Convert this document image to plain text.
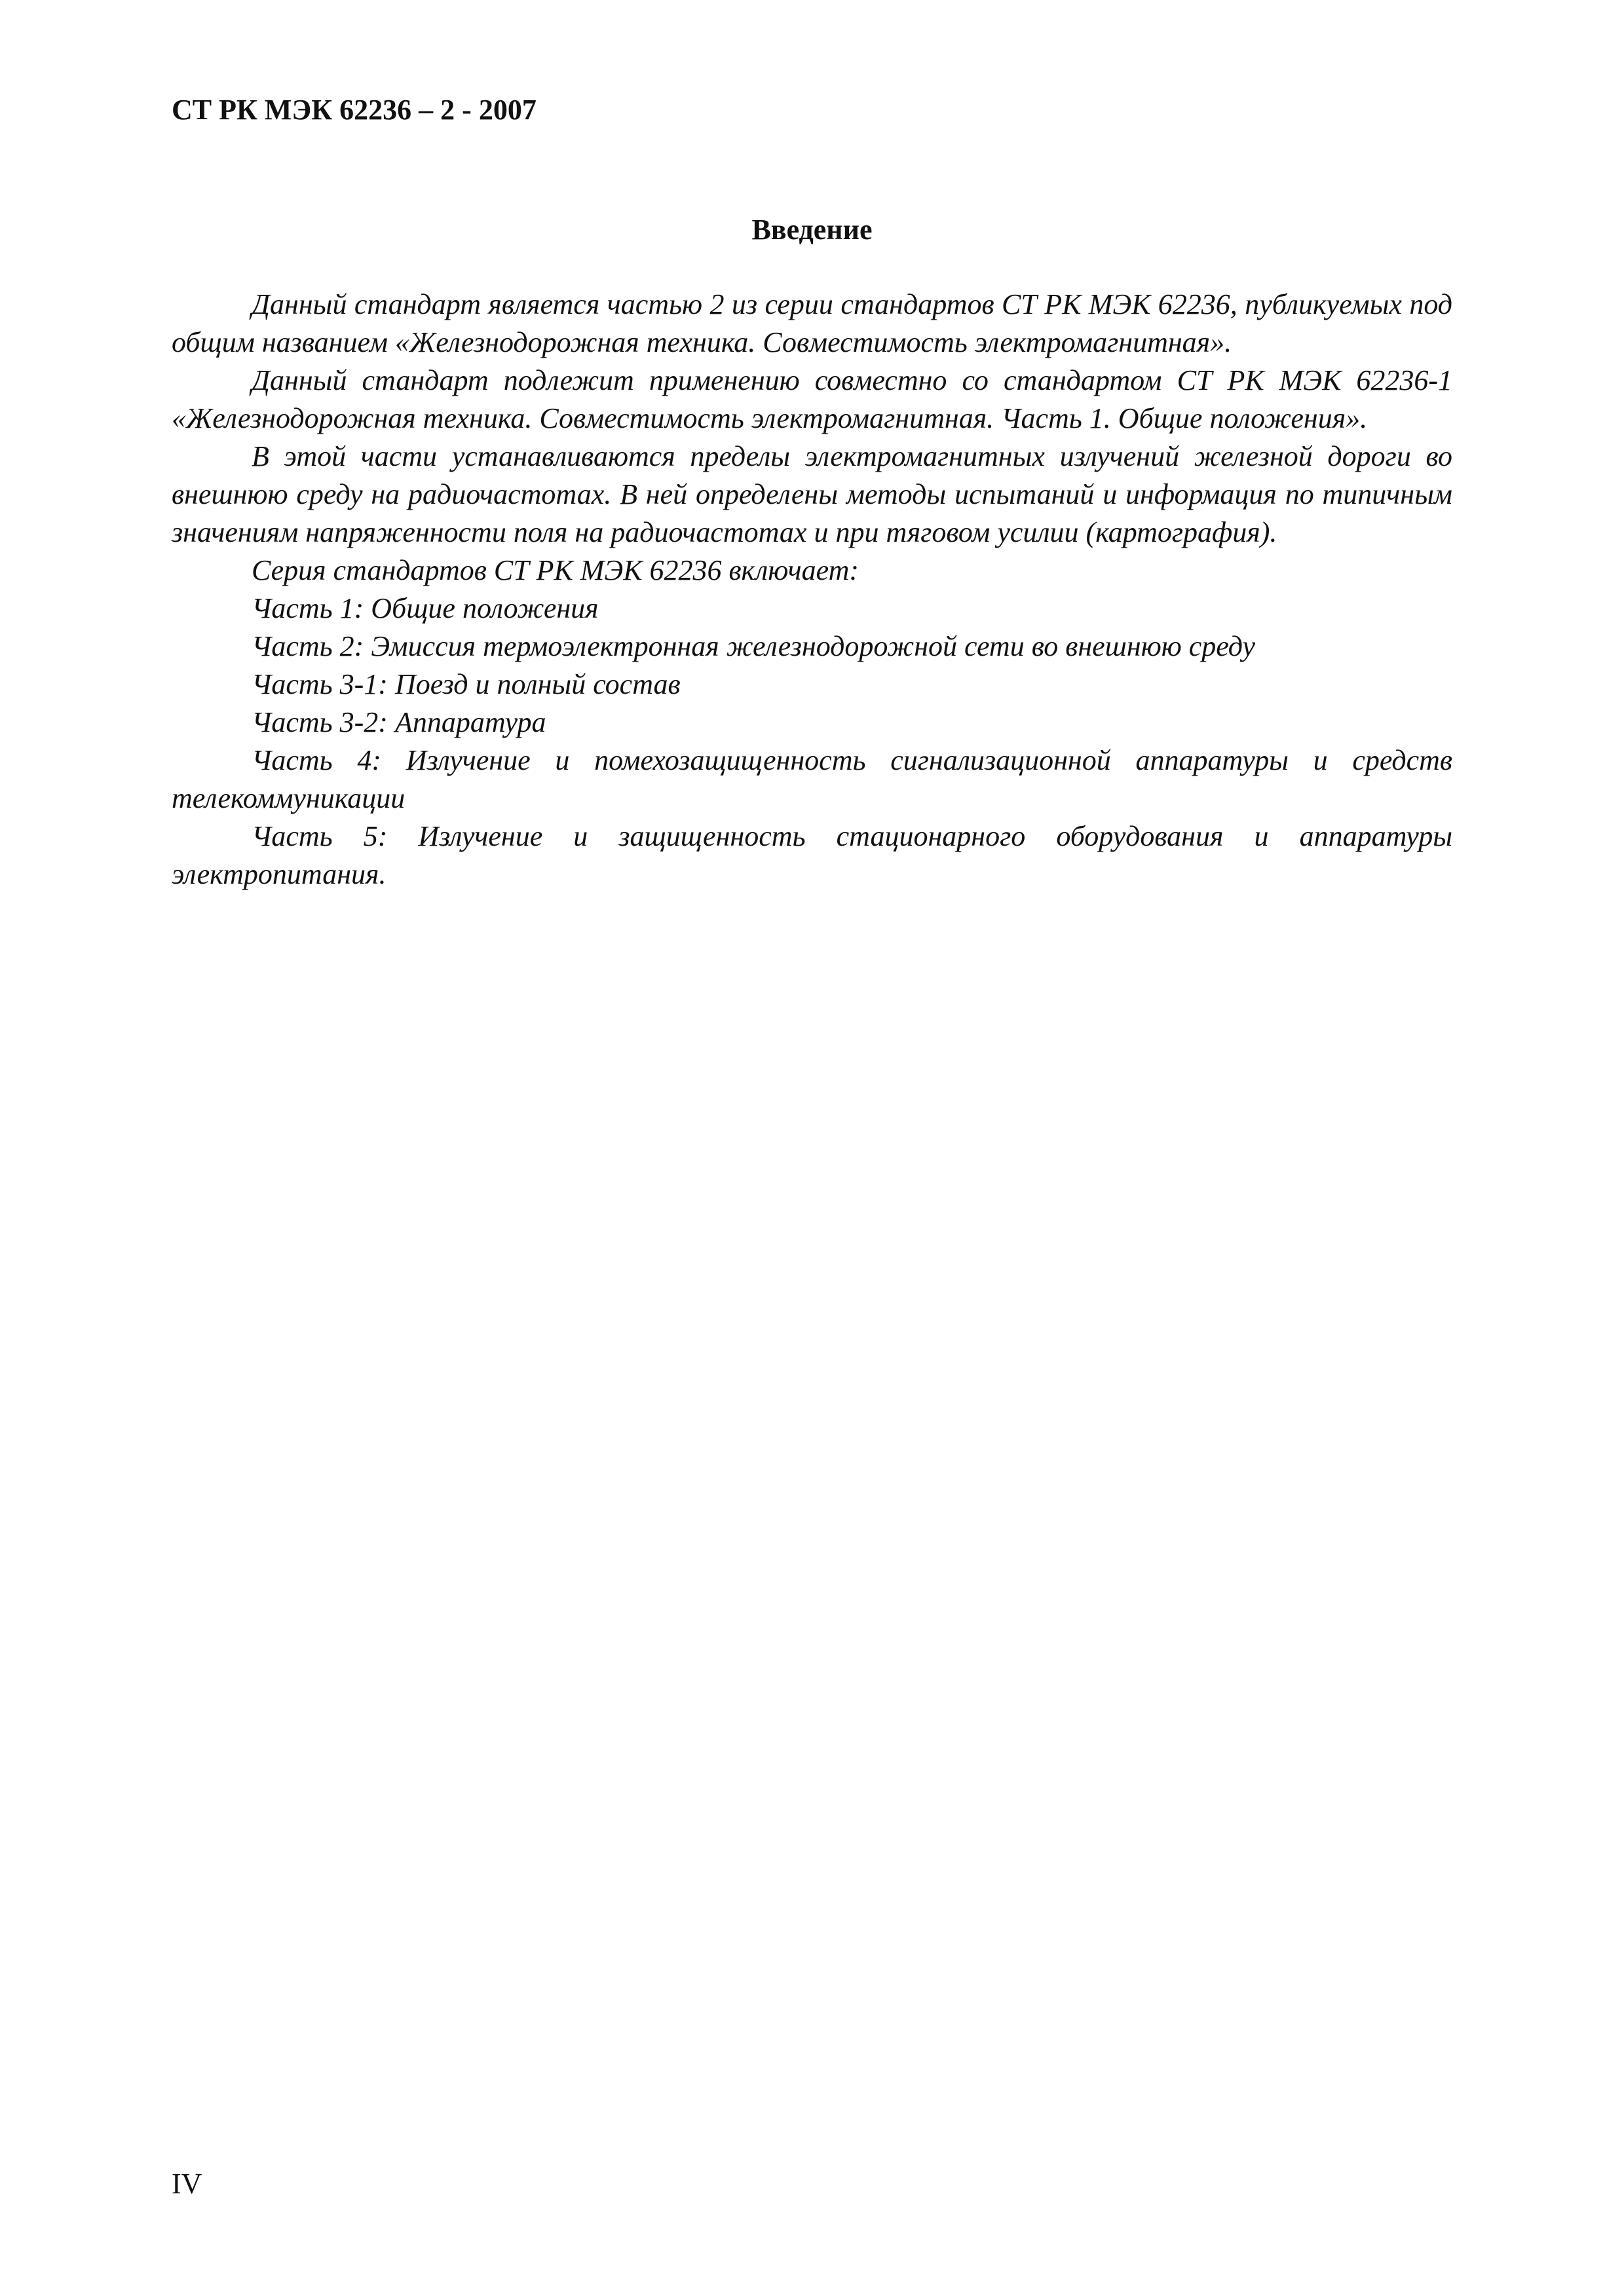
СТ РК МЭК 62236 – 2 - 2007

Введение

Данный стандарт является частью 2 из серии стандартов СТ РК МЭК 62236, публикуемых под общим названием «Железнодорожная техника. Совместимость электромагнитная».

Данный стандарт подлежит применению совместно со стандартом СТ РК МЭК 62236-1 «Железнодорожная техника. Совместимость электромагнитная. Часть 1. Общие положения».

В этой части устанавливаются пределы электромагнитных излучений железной дороги во внешнюю среду на радиочастотах. В ней определены методы испытаний и информация по типичным значениям напряженности поля на радиочастотах и при тяговом усилии (картография).

Серия стандартов СТ РК МЭК 62236 включает:

Часть 1: Общие положения

Часть 2: Эмиссия термоэлектронная железнодорожной сети во внешнюю среду

Часть 3-1: Поезд и полный состав

Часть 3-2: Аппаратура

Часть 4: Излучение и помехозащищенность сигнализационной аппаратуры и средств телекоммуникации

Часть 5: Излучение и защищенность стационарного оборудования и аппаратуры электропитания.

IV
